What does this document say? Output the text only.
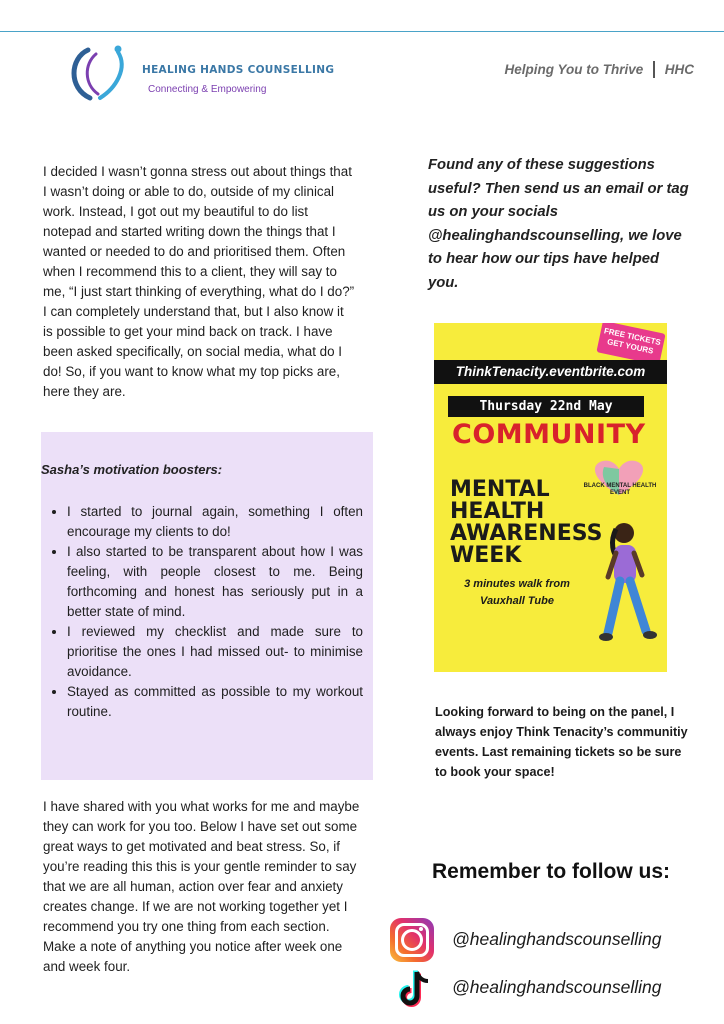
HEALING HANDS COUNSELLING
Connecting & Empowering
Helping You to Thrive HHC
I decided I wasn’t gonna stress out about things that I wasn’t doing or able to do, outside of my clinical work. Instead, I got out my beautiful to do list notepad and started writing down the things that I wanted or needed to do and prioritised them. Often when I recommend this to a client, they will say to me, “I just start thinking of everything, what do I do?” I can completely understand that, but I also know it is possible to get your mind back on track. I have been asked specifically, on social media, what do I do! So, if you want to know what my top picks are, here they are.
Sasha’s motivation boosters:
• I started to journal again, something I often encourage my clients to do!
• I also started to be transparent about how I was feeling, with people closest to me. Being forthcoming and honest has seriously put in a better state of mind.
• I reviewed my checklist and made sure to prioritise the ones I had missed out- to minimise avoidance.
• Stayed as committed as possible to my workout routine.
I have shared with you what works for me and maybe they can work for you too. Below I have set out some great ways to get motivated and beat stress. So, if you’re reading this this is your gentle reminder to say that we are all human, action over fear and anxiety creates change. If we are not working together yet I recommend you try one thing from each section. Make a note of anything you notice after week one and week four.
Found any of these suggestions useful? Then send us an email or tag us on your socials @healinghandscounselling, we love to hear how our tips have helped you.
FREE TICKETS GET YOURS
ThinkTenacity.eventbrite.com
Thursday 22nd May
COMMUNITY
BLACK MENTAL HEALTH EVENT
MENTAL HEALTH AWARENESS WEEK
3 minutes walk from Vauxhall Tube
Looking forward to being on the panel, I always enjoy Think Tenacity’s communitiy events. Last remaining tickets so be sure to book your space!
Remember to follow us:
@healinghandscounselling
@healinghandscounselling
